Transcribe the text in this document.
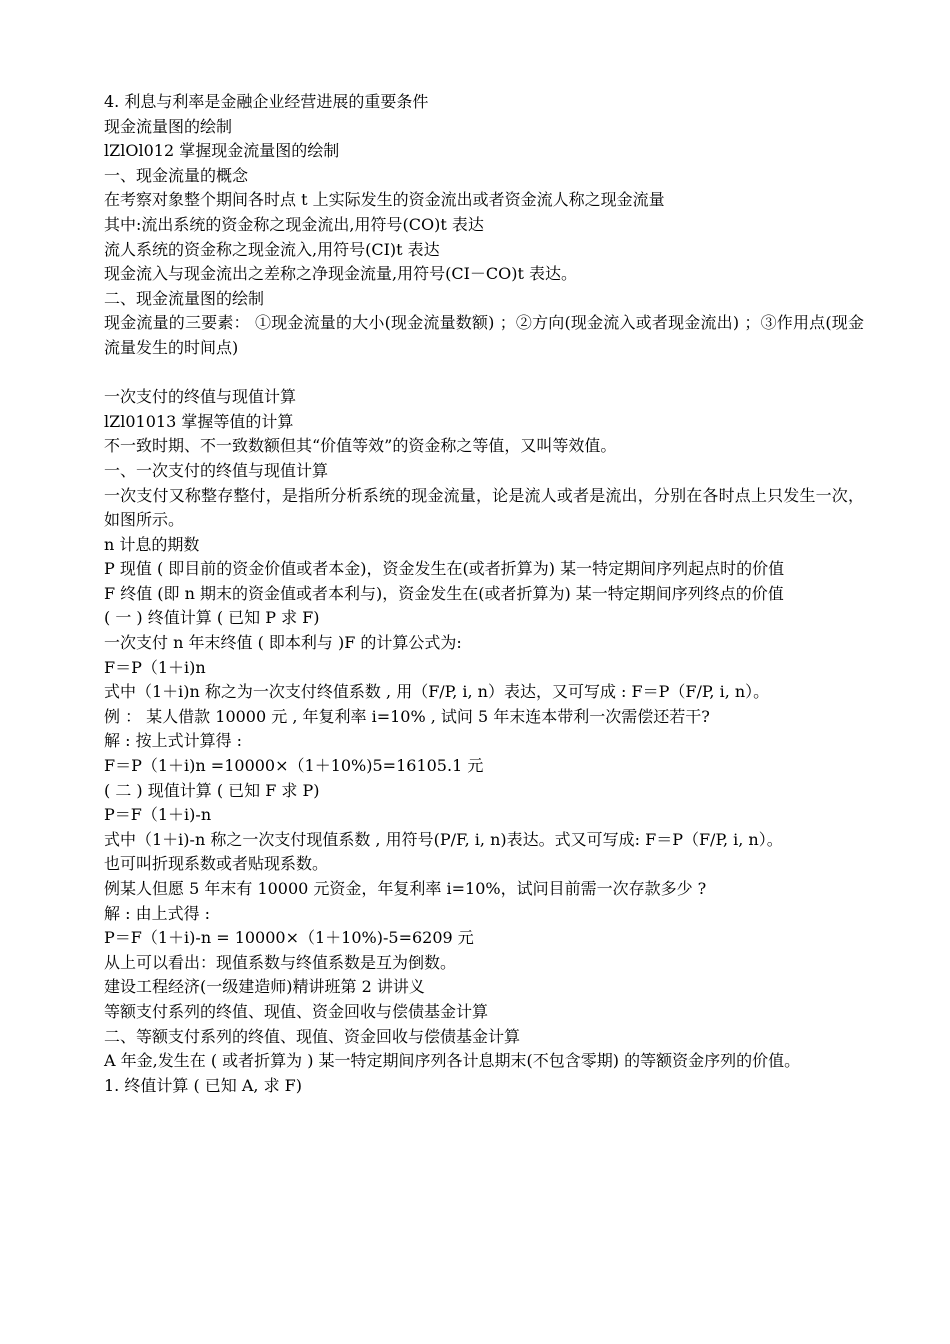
4. 利息与利率是金融企业经营进展的重要条件
现金流量图的绘制
lZlOl012 掌握现金流量图的绘制
一、现金流量的概念
在考察对象整个期间各时点 t 上实际发生的资金流出或者资金流人称之现金流量
其中:流出系统的资金称之现金流出,用符号(CO)t 表达
流人系统的资金称之现金流入,用符号(CI)t 表达
现金流入与现金流出之差称之净现金流量,用符号(CI－CO)t 表达。
二、现金流量图的绘制
现金流量的三要素： ①现金流量的大小(现金流量数额) ；②方向(现金流入或者现金流出) ；③作用点(现金流量发生的时间点)
一次支付的终值与现值计算
lZl01013 掌握等值的计算
不一致时期、不一致数额但其“价值等效”的资金称之等值，又叫等效值。
一、一次支付的终值与现值计算
一次支付又称整存整付，是指所分析系统的现金流量，论是流人或者是流出，分别在各时点上只发生一次，如图所示。
n 计息的期数
P 现值 ( 即目前的资金价值或者本金)，资金发生在(或者折算为) 某一特定期间序列起点时的价值
F 终值 (即 n 期末的资金值或者本利与)，资金发生在(或者折算为) 某一特定期间序列终点的价值
( 一 ) 终值计算 ( 已知 P 求 F)
一次支付 n 年末终值 ( 即本利与 )F 的计算公式为:
F＝P（1＋i)n
式中（1＋i)n 称之为一次支付终值系数 , 用（F/P, i, n）表达，又可写成 : F＝P（F/P, i, n）。
例 ： 某人借款 10000 元 , 年复利率 i=10% , 试问 5 年末连本带利一次需偿还若干?
解 : 按上式计算得 :
F＝P（1＋i)n =10000×（1＋10%)5=16105.1 元
( 二 ) 现值计算 ( 已知 F 求 P)
P＝F（1＋i)-n
式中（1＋i)-n 称之一次支付现值系数 , 用符号(P/F, i, n)表达。式又可写成: F＝P（F/P, i, n）。
也可叫折现系数或者贴现系数。
例某人但愿 5 年末有 10000 元资金，年复利率 i=10%，试问目前需一次存款多少 ?
解 : 由上式得 :
P＝F（1＋i)-n = 10000×（1＋10%)-5=6209 元
从上可以看出：现值系数与终值系数是互为倒数。
建设工程经济(一级建造师)精讲班第 2 讲讲义
等额支付系列的终值、现值、资金回收与偿债基金计算
二、等额支付系列的终值、现值、资金回收与偿债基金计算
A 年金,发生在 ( 或者折算为 ) 某一特定期间序列各计息期末(不包含零期) 的等额资金序列的价值。
1. 终值计算 ( 已知 A, 求 F)
